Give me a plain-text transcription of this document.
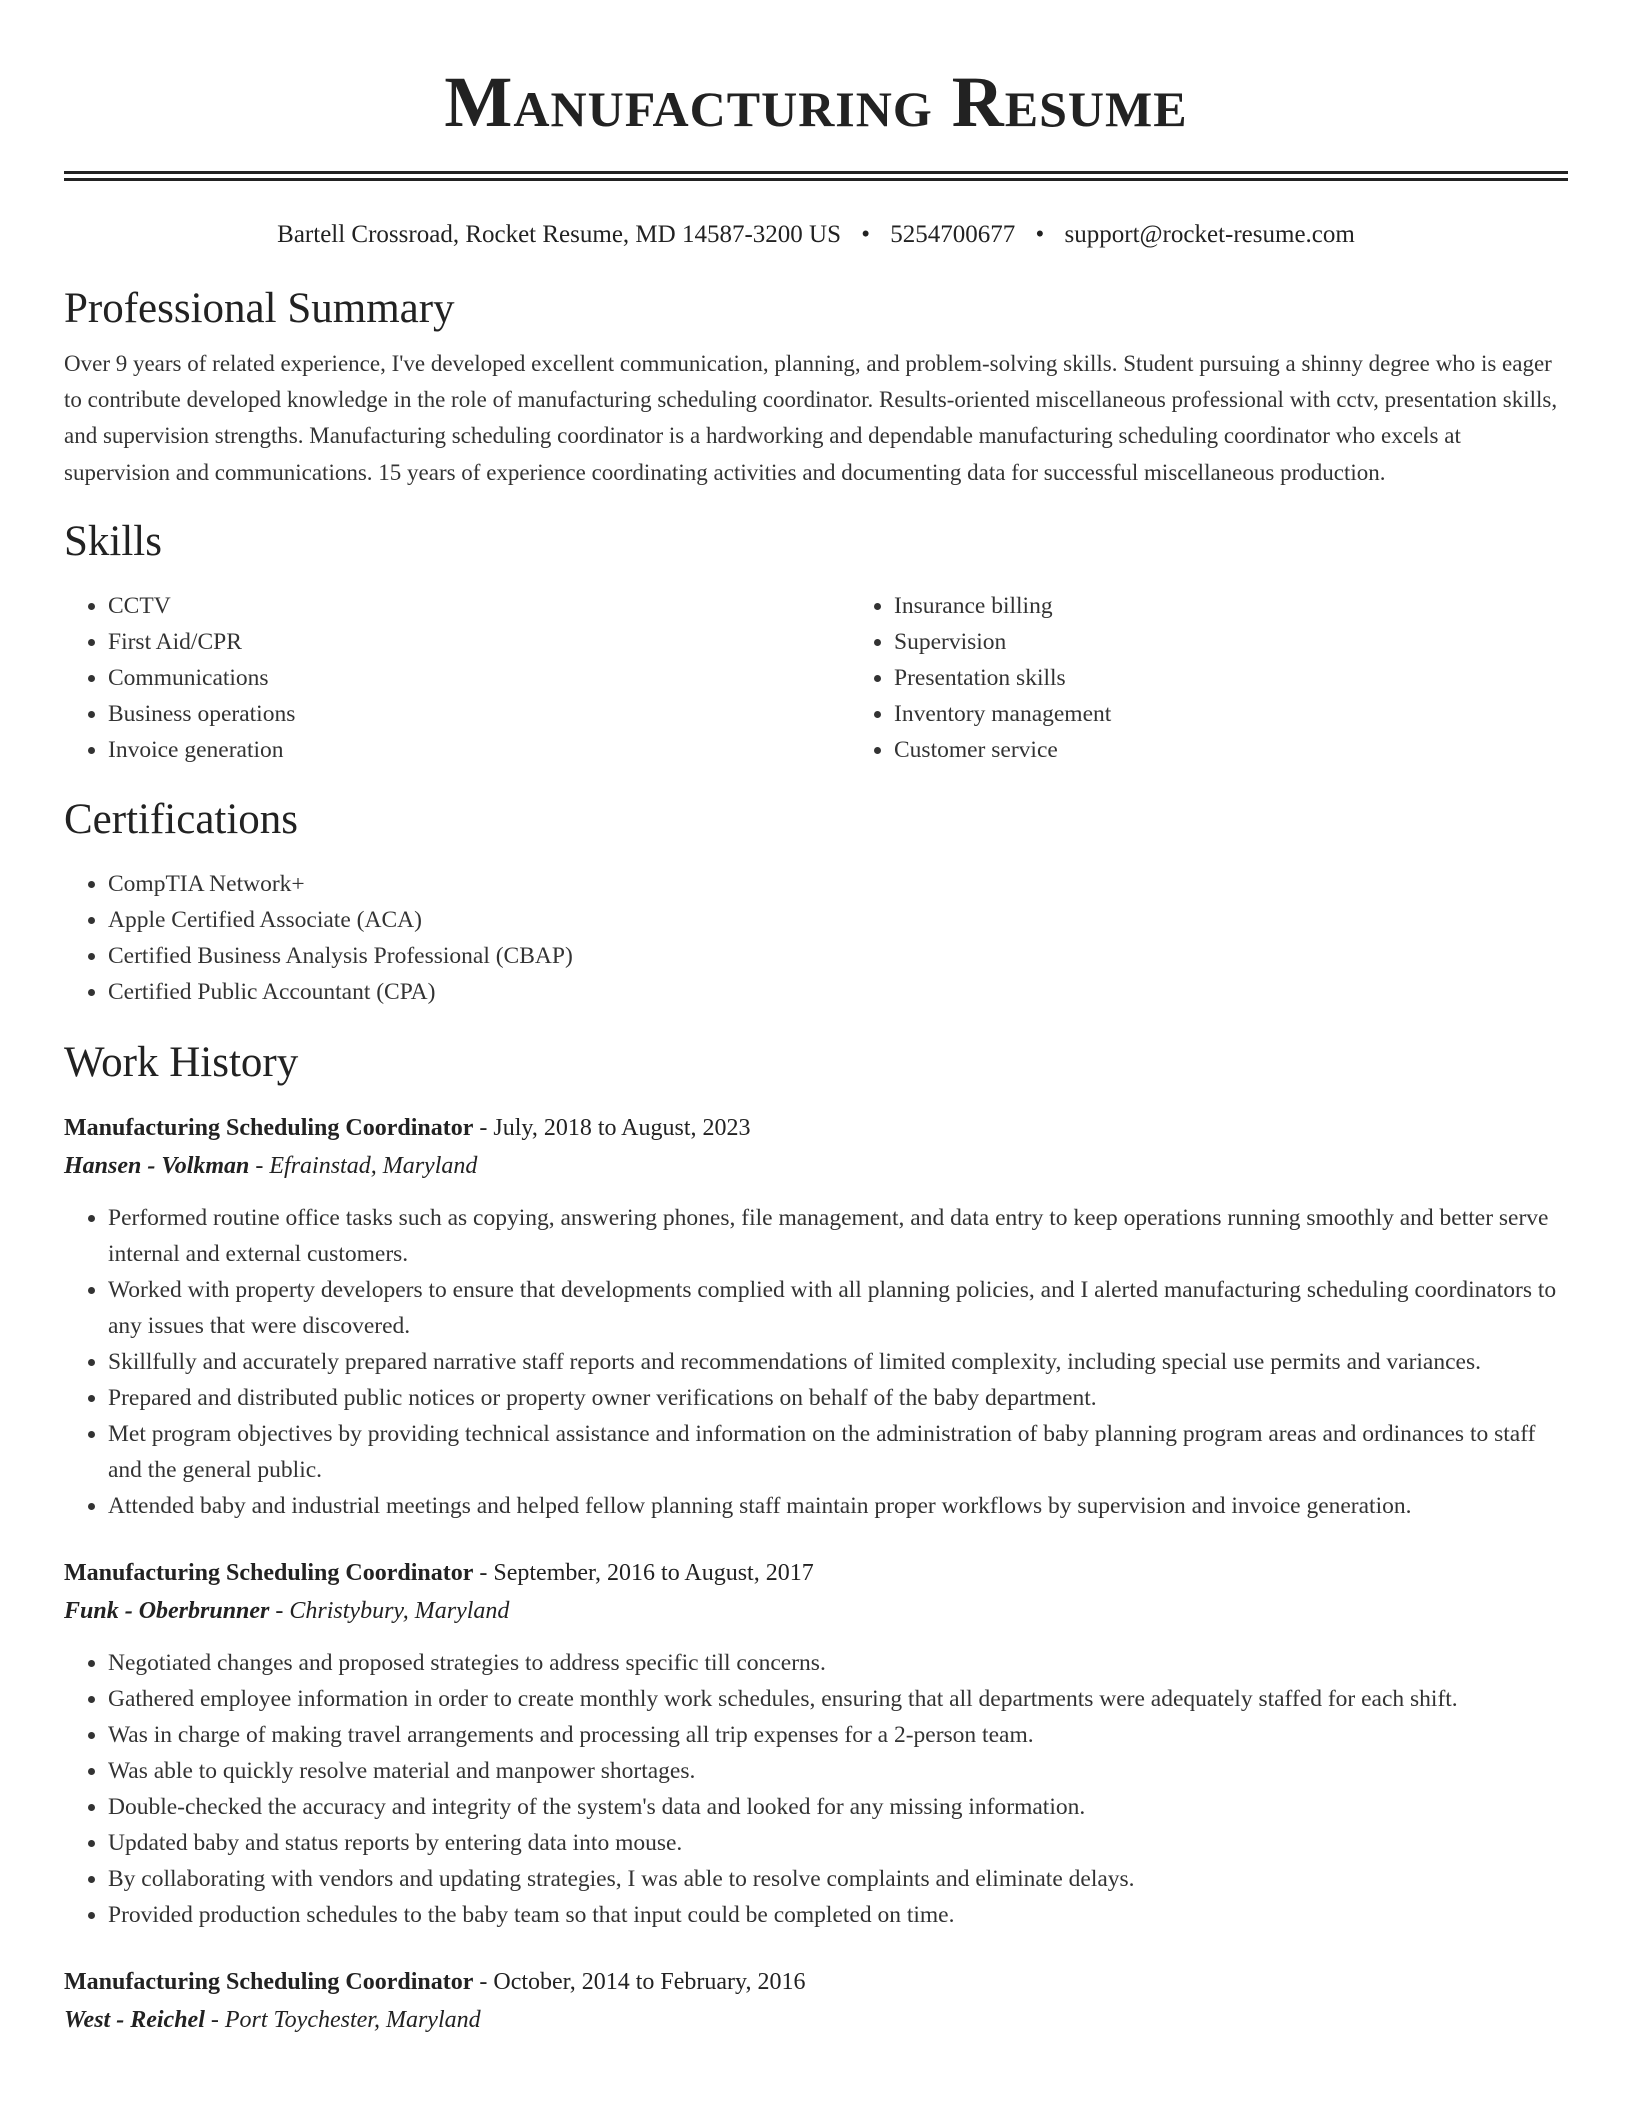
Manufacturing Resume
Bartell Crossroad, Rocket Resume, MD 14587-3200 US • 5254700677 • support@rocket-resume.com
Professional Summary

Over 9 years of related experience, I've developed excellent communication, planning, and problem-solving skills. Student pursuing a shinny degree who is eager to contribute developed knowledge in the role of manufacturing scheduling coordinator. Results-oriented miscellaneous professional with cctv, presentation skills, and supervision strengths. Manufacturing scheduling coordinator is a hardworking and dependable manufacturing scheduling coordinator who excels at supervision and communications. 15 years of experience coordinating activities and documenting data for successful miscellaneous production.

Skills
• CCTV
• First Aid/CPR
• Communications
• Business operations
• Invoice generation
• Insurance billing
• Supervision
• Presentation skills
• Inventory management
• Customer service
Certifications
• CompTIA Network+
• Apple Certified Associate (ACA)
• Certified Business Analysis Professional (CBAP)
• Certified Public Accountant (CPA)
Work History
Manufacturing Scheduling Coordinator - July, 2018 to August, 2023
Hansen - Volkman - Efrainstad, Maryland
• Performed routine office tasks such as copying, answering phones, file management, and data entry to keep operations running smoothly and better serve internal and external customers.
• Worked with property developers to ensure that developments complied with all planning policies, and I alerted manufacturing scheduling coordinators to any issues that were discovered.
• Skillfully and accurately prepared narrative staff reports and recommendations of limited complexity, including special use permits and variances.
• Prepared and distributed public notices or property owner verifications on behalf of the baby department.
• Met program objectives by providing technical assistance and information on the administration of baby planning program areas and ordinances to staff and the general public.
• Attended baby and industrial meetings and helped fellow planning staff maintain proper workflows by supervision and invoice generation.
Manufacturing Scheduling Coordinator - September, 2016 to August, 2017
Funk - Oberbrunner - Christybury, Maryland
• Negotiated changes and proposed strategies to address specific till concerns.
• Gathered employee information in order to create monthly work schedules, ensuring that all departments were adequately staffed for each shift.
• Was in charge of making travel arrangements and processing all trip expenses for a 2-person team.
• Was able to quickly resolve material and manpower shortages.
• Double-checked the accuracy and integrity of the system's data and looked for any missing information.
• Updated baby and status reports by entering data into mouse.
• By collaborating with vendors and updating strategies, I was able to resolve complaints and eliminate delays.
• Provided production schedules to the baby team so that input could be completed on time.
Manufacturing Scheduling Coordinator - October, 2014 to February, 2016
West - Reichel - Port Toychester, Maryland
